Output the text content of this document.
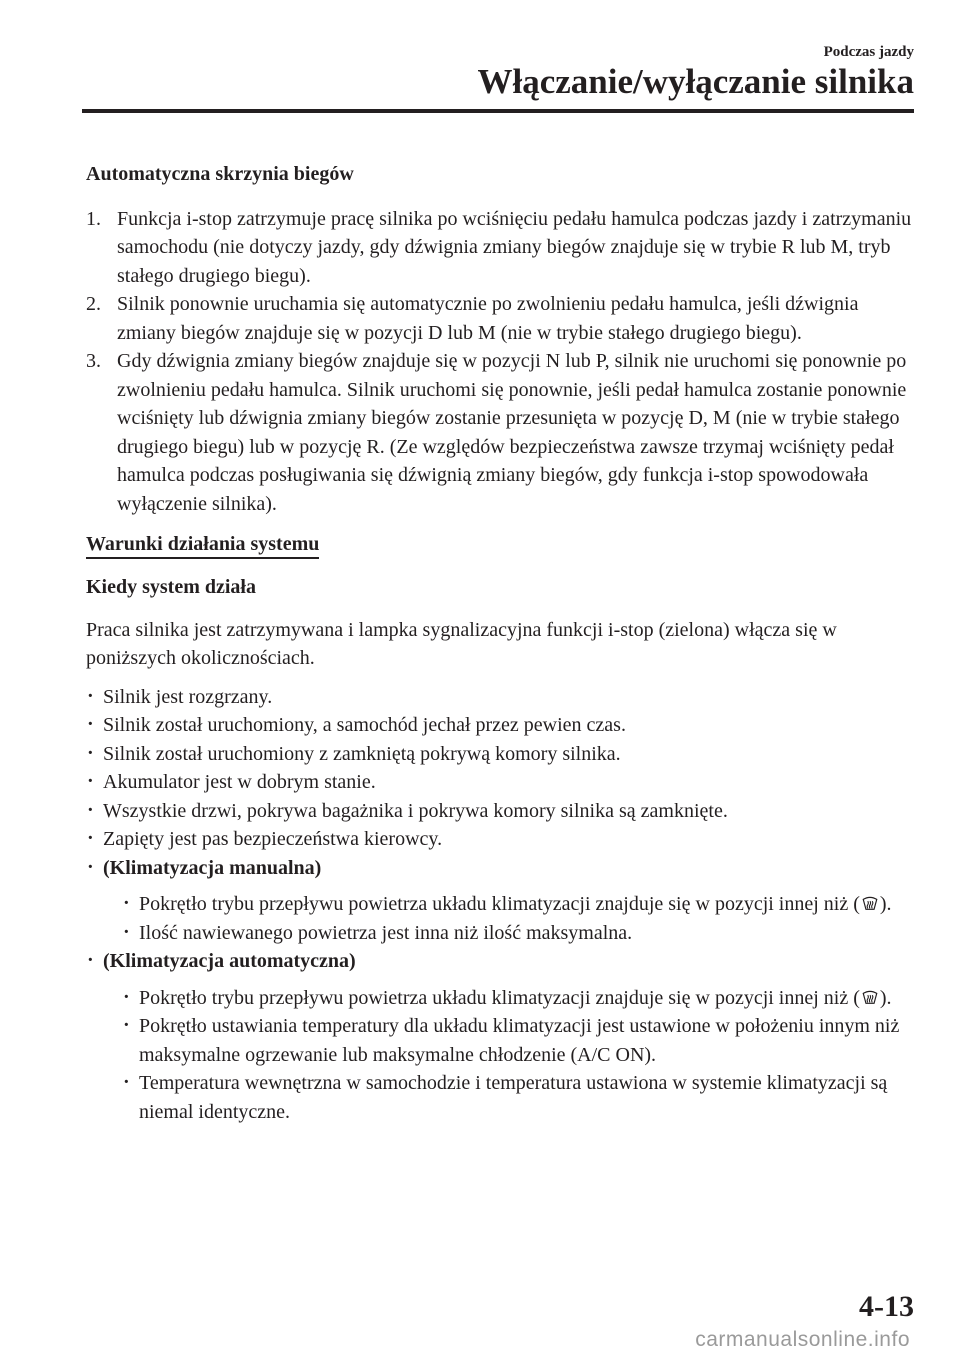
Podczas jazdy
Włączanie/wyłączanie silnika

Automatyczna skrzynia biegów

1. Funkcja i-stop zatrzymuje pracę silnika po wciśnięciu pedału hamulca podczas jazdy i zatrzymaniu samochodu (nie dotyczy jazdy, gdy dźwignia zmiany biegów znajduje się w trybie R lub M, tryb stałego drugiego biegu).
2. Silnik ponownie uruchamia się automatycznie po zwolnieniu pedału hamulca, jeśli dźwignia zmiany biegów znajduje się w pozycji D lub M (nie w trybie stałego drugiego biegu).
3. Gdy dźwignia zmiany biegów znajduje się w pozycji N lub P, silnik nie uruchomi się ponownie po zwolnieniu pedału hamulca. Silnik uruchomi się ponownie, jeśli pedał hamulca zostanie ponownie wciśnięty lub dźwignia zmiany biegów zostanie przesunięta w pozycję D, M (nie w trybie stałego drugiego biegu) lub w pozycję R. (Ze względów bezpieczeństwa zawsze trzymaj wciśnięty pedał hamulca podczas posługiwania się dźwignią zmiany biegów, gdy funkcja i-stop spowodowała wyłączenie silnika).
Warunki działania systemu
Kiedy system działa
Praca silnika jest zatrzymywana i lampka sygnalizacyjna funkcji i-stop (zielona) włącza się w poniższych okolicznościach.
· Silnik jest rozgrzany.
· Silnik został uruchomiony, a samochód jechał przez pewien czas.
· Silnik został uruchomiony z zamkniętą pokrywą komory silnika.
· Akumulator jest w dobrym stanie.
· Wszystkie drzwi, pokrywa bagażnika i pokrywa komory silnika są zamknięte.
· Zapięty jest pas bezpieczeństwa kierowcy.
· (Klimatyzacja manualna)
· Pokrętło trybu przepływu powietrza układu klimatyzacji znajduje się w pozycji innej niż ( ).
· Ilość nawiewanego powietrza jest inna niż ilość maksymalna.
· (Klimatyzacja automatyczna)
· Pokrętło trybu przepływu powietrza układu klimatyzacji znajduje się w pozycji innej niż ( ).
· Pokrętło ustawiania temperatury dla układu klimatyzacji jest ustawione w położeniu innym niż maksymalne ogrzewanie lub maksymalne chłodzenie (A/C ON).
· Temperatura wewnętrzna w samochodzie i temperatura ustawiona w systemie klimatyzacji są niemal identyczne.
4-13
carmanualsonline.info
